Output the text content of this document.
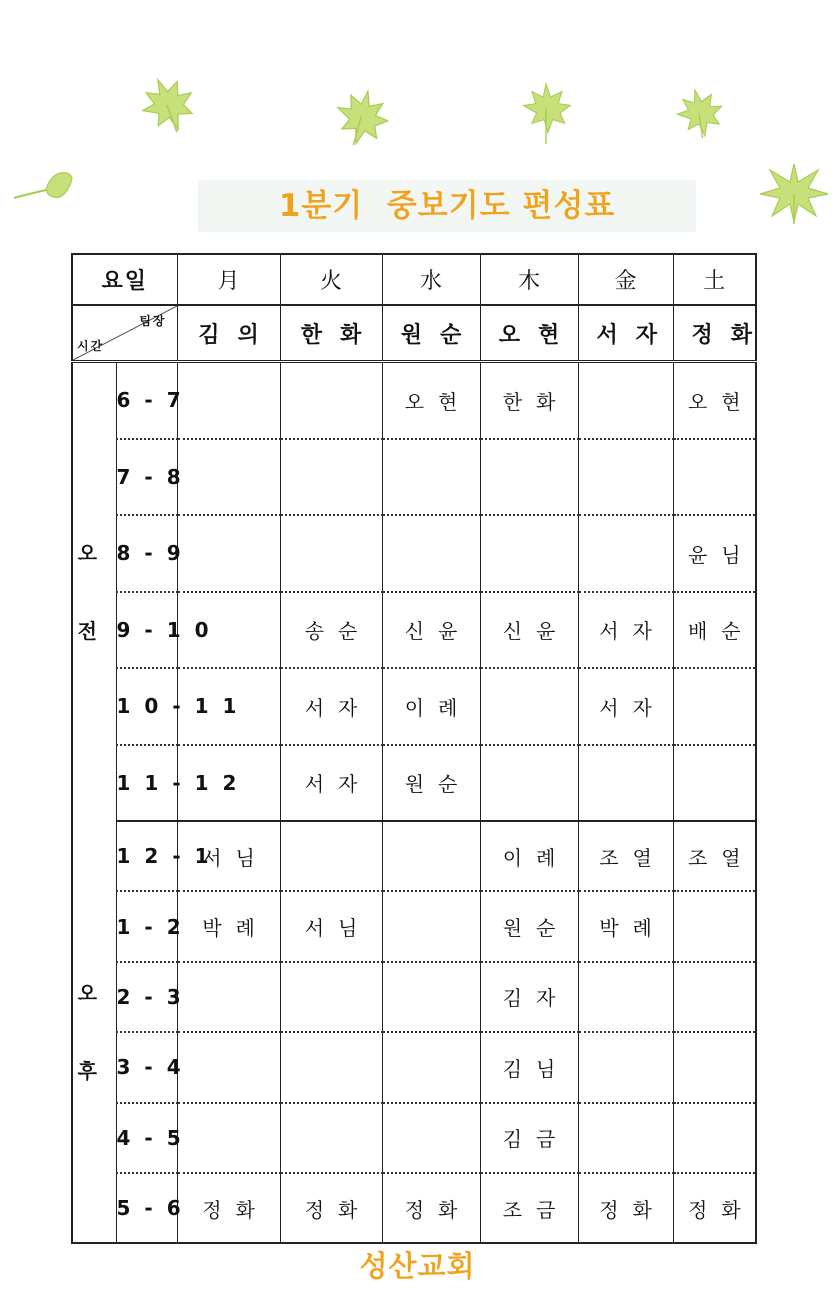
1분기  중보기도 편성표
요일		月	火	水	木	金	土

팀장
시간		김의	한화	원순	오현	서자	정화

오
전	6-7			오현	한화		오현
	7-8						
	8-9						윤님
	9-10		송순	신윤	신윤	서자	배순
	10-11		서자	이례		서자	
	11-12		서자	원순			

오
후	12-1	서님			이례	조열	조열
	1-2	박례	서님		원순	박례	
	2-3				김자		
	3-4				김님		
	4-5				김금		
	5-6	정화	정화	정화	조금	정화	정화
성산교회
